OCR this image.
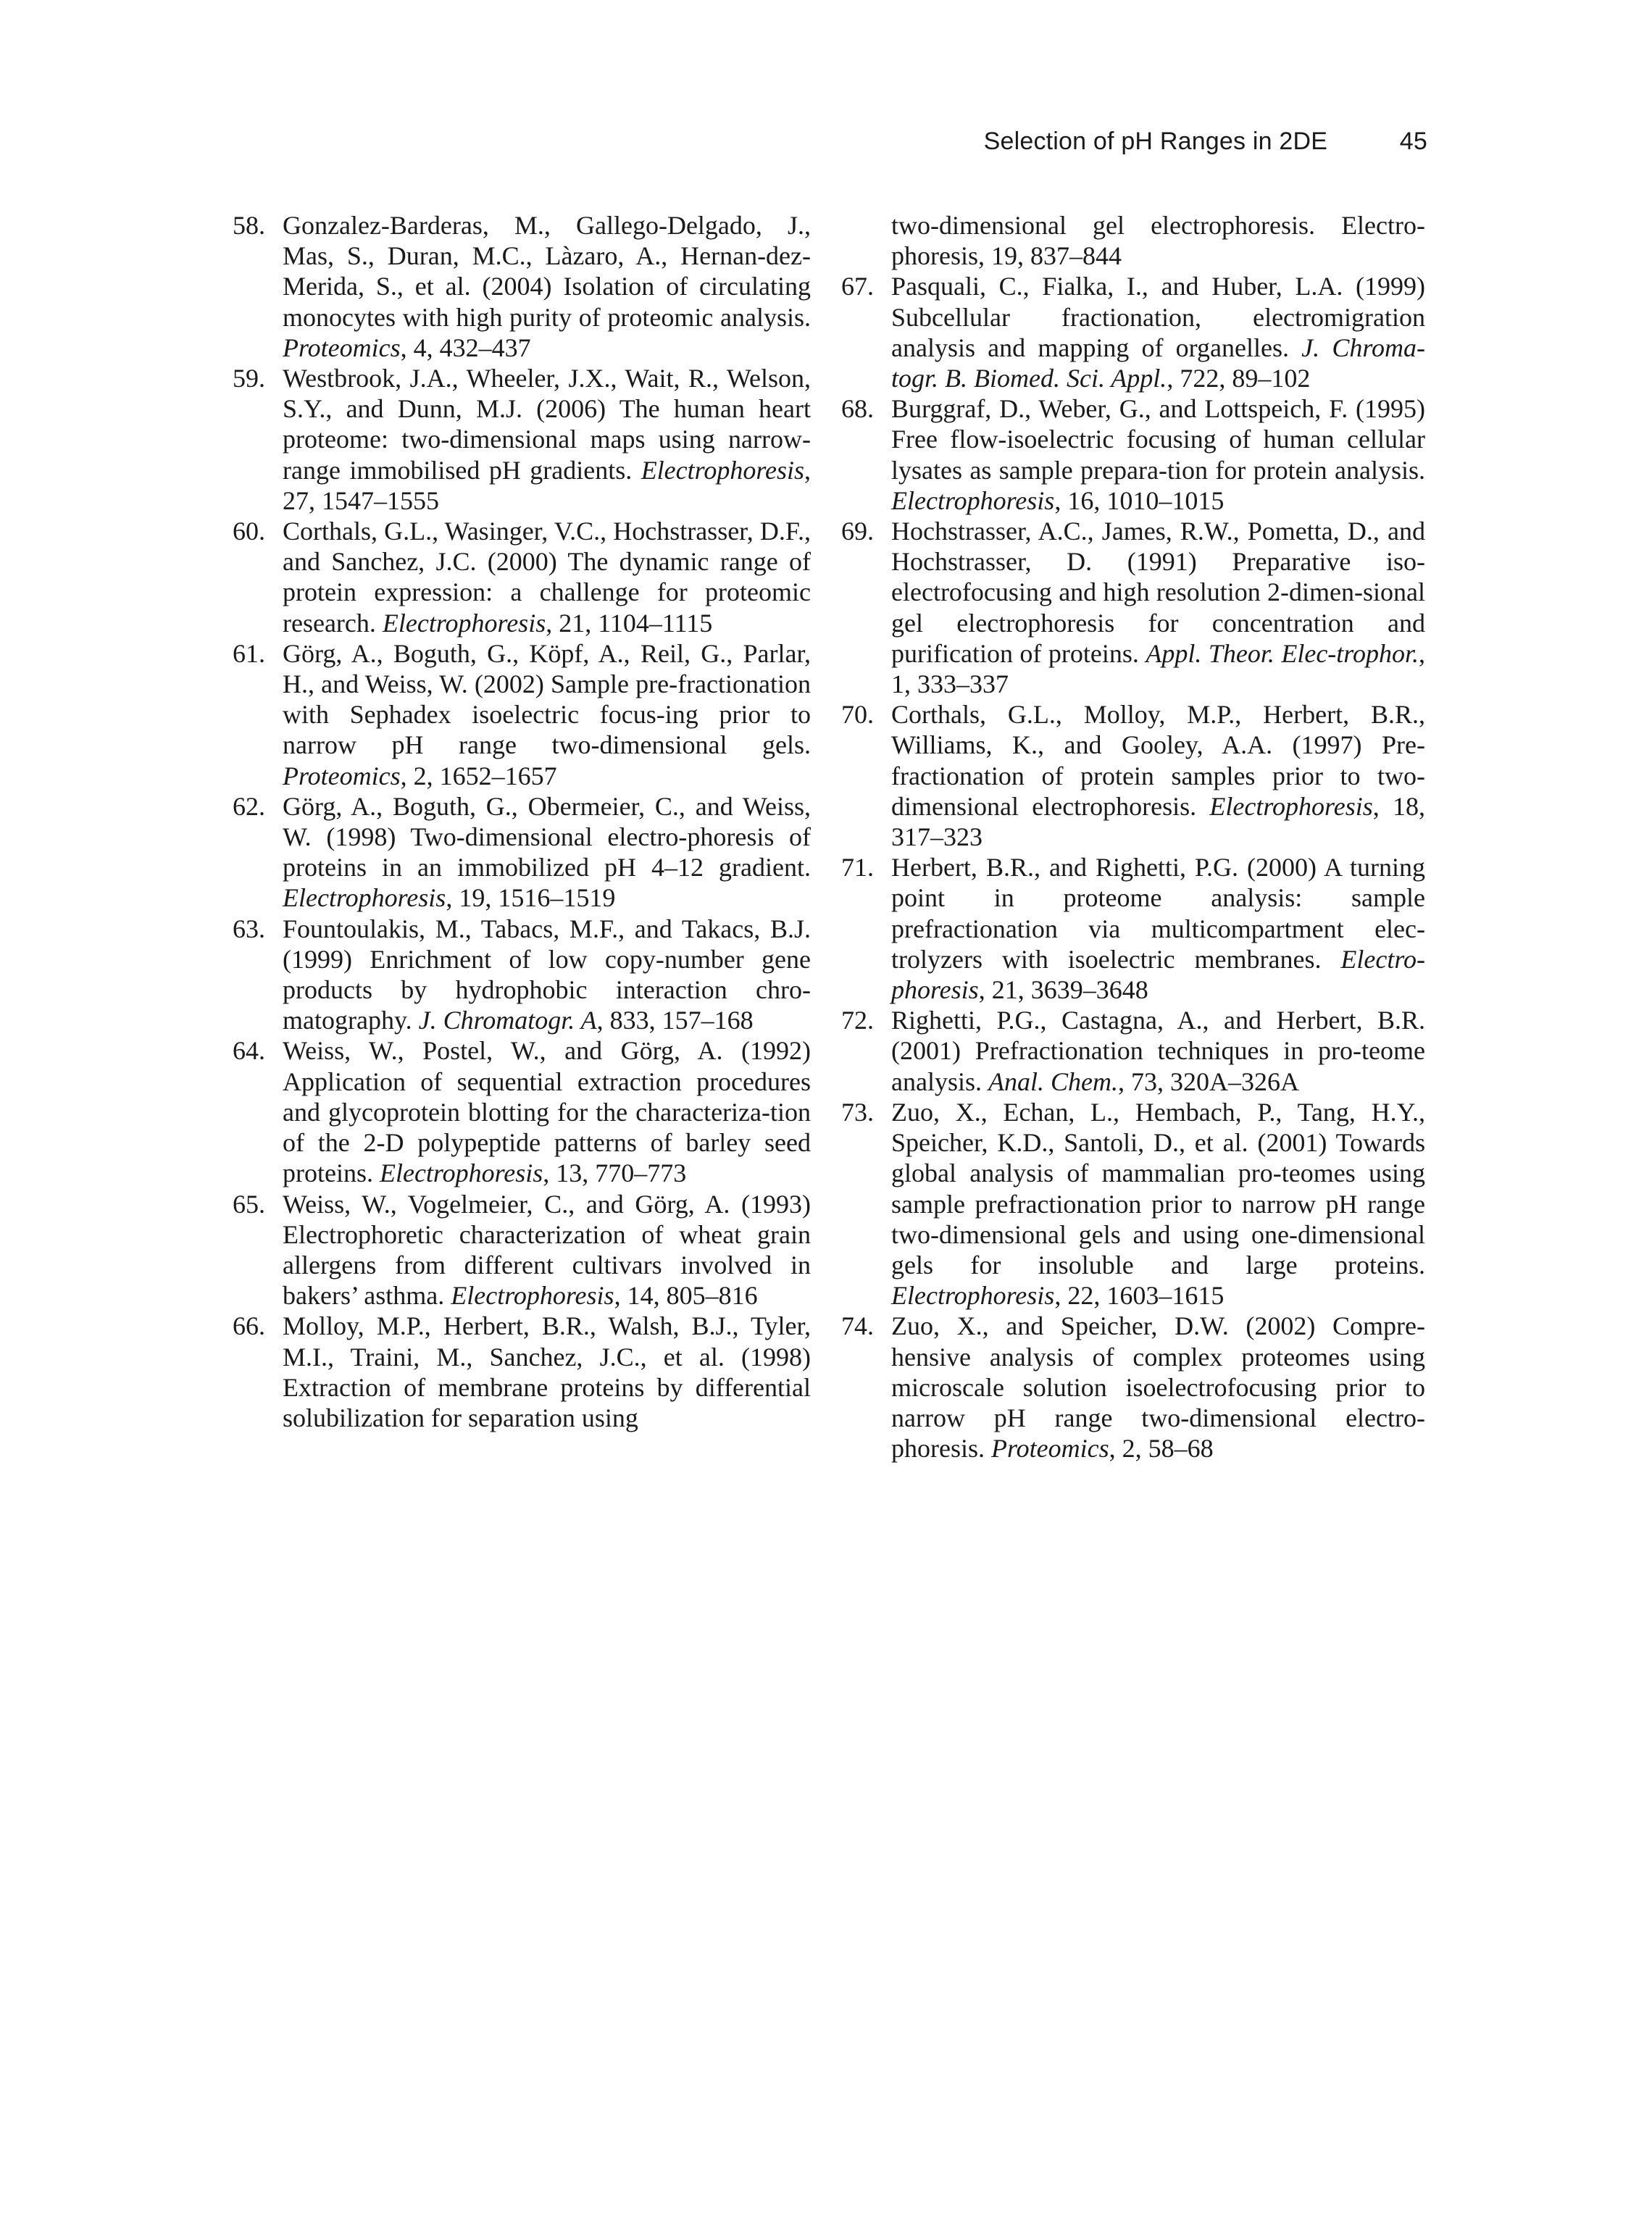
Selection of pH Ranges in 2DE	45
58. Gonzalez-Barderas, M., Gallego-Delgado, J., Mas, S., Duran, M.C., Làzaro, A., Hernan-dez-Merida, S., et al. (2004) Isolation of circulating monocytes with high purity of proteomic analysis. Proteomics, 4, 432–437
59. Westbrook, J.A., Wheeler, J.X., Wait, R., Welson, S.Y., and Dunn, M.J. (2006) The human heart proteome: two-dimensional maps using narrow-range immobilised pH gradients. Electrophoresis, 27, 1547–1555
60. Corthals, G.L., Wasinger, V.C., Hochstrasser, D.F., and Sanchez, J.C. (2000) The dynamic range of protein expression: a challenge for proteomic research. Electrophoresis, 21, 1104–1115
61. Görg, A., Boguth, G., Köpf, A., Reil, G., Parlar, H., and Weiss, W. (2002) Sample pre-fractionation with Sephadex isoelectric focus-ing prior to narrow pH range two-dimensional gels. Proteomics, 2, 1652–1657
62. Görg, A., Boguth, G., Obermeier, C., and Weiss, W. (1998) Two-dimensional electro-phoresis of proteins in an immobilized pH 4–12 gradient. Electrophoresis, 19, 1516–1519
63. Fountoulakis, M., Tabacs, M.F., and Takacs, B.J. (1999) Enrichment of low copy-number gene products by hydrophobic interaction chro-matography. J. Chromatogr. A, 833, 157–168
64. Weiss, W., Postel, W., and Görg, A. (1992) Application of sequential extraction procedures and glycoprotein blotting for the characteriza-tion of the 2-D polypeptide patterns of barley seed proteins. Electrophoresis, 13, 770–773
65. Weiss, W., Vogelmeier, C., and Görg, A. (1993) Electrophoretic characterization of wheat grain allergens from different cultivars involved in bakers’ asthma. Electrophoresis, 14, 805–816
66. Molloy, M.P., Herbert, B.R., Walsh, B.J., Tyler, M.I., Traini, M., Sanchez, J.C., et al. (1998) Extraction of membrane proteins by differential solubilization for separation using
two-dimensional gel electrophoresis. Electro-phoresis, 19, 837–844
67. Pasquali, C., Fialka, I., and Huber, L.A. (1999) Subcellular fractionation, electromigration analysis and mapping of organelles. J. Chroma-togr. B. Biomed. Sci. Appl., 722, 89–102
68. Burggraf, D., Weber, G., and Lottspeich, F. (1995) Free flow-isoelectric focusing of human cellular lysates as sample prepara-tion for protein analysis. Electrophoresis, 16, 1010–1015
69. Hochstrasser, A.C., James, R.W., Pometta, D., and Hochstrasser, D. (1991) Preparative iso-electrofocusing and high resolution 2-dimen-sional gel electrophoresis for concentration and purification of proteins. Appl. Theor. Elec-trophor., 1, 333–337
70. Corthals, G.L., Molloy, M.P., Herbert, B.R., Williams, K., and Gooley, A.A. (1997) Pre-fractionation of protein samples prior to two-dimensional electrophoresis. Electrophoresis, 18, 317–323
71. Herbert, B.R., and Righetti, P.G. (2000) A turning point in proteome analysis: sample prefractionation via multicompartment elec-trolyzers with isoelectric membranes. Electro-phoresis, 21, 3639–3648
72. Righetti, P.G., Castagna, A., and Herbert, B.R. (2001) Prefractionation techniques in pro-teome analysis. Anal. Chem., 73, 320A–326A
73. Zuo, X., Echan, L., Hembach, P., Tang, H.Y., Speicher, K.D., Santoli, D., et al. (2001) Towards global analysis of mammalian pro-teomes using sample prefractionation prior to narrow pH range two-dimensional gels and using one-dimensional gels for insoluble and large proteins. Electrophoresis, 22, 1603–1615
74. Zuo, X., and Speicher, D.W. (2002) Compre-hensive analysis of complex proteomes using microscale solution isoelectrofocusing prior to narrow pH range two-dimensional electro-phoresis. Proteomics, 2, 58–68
